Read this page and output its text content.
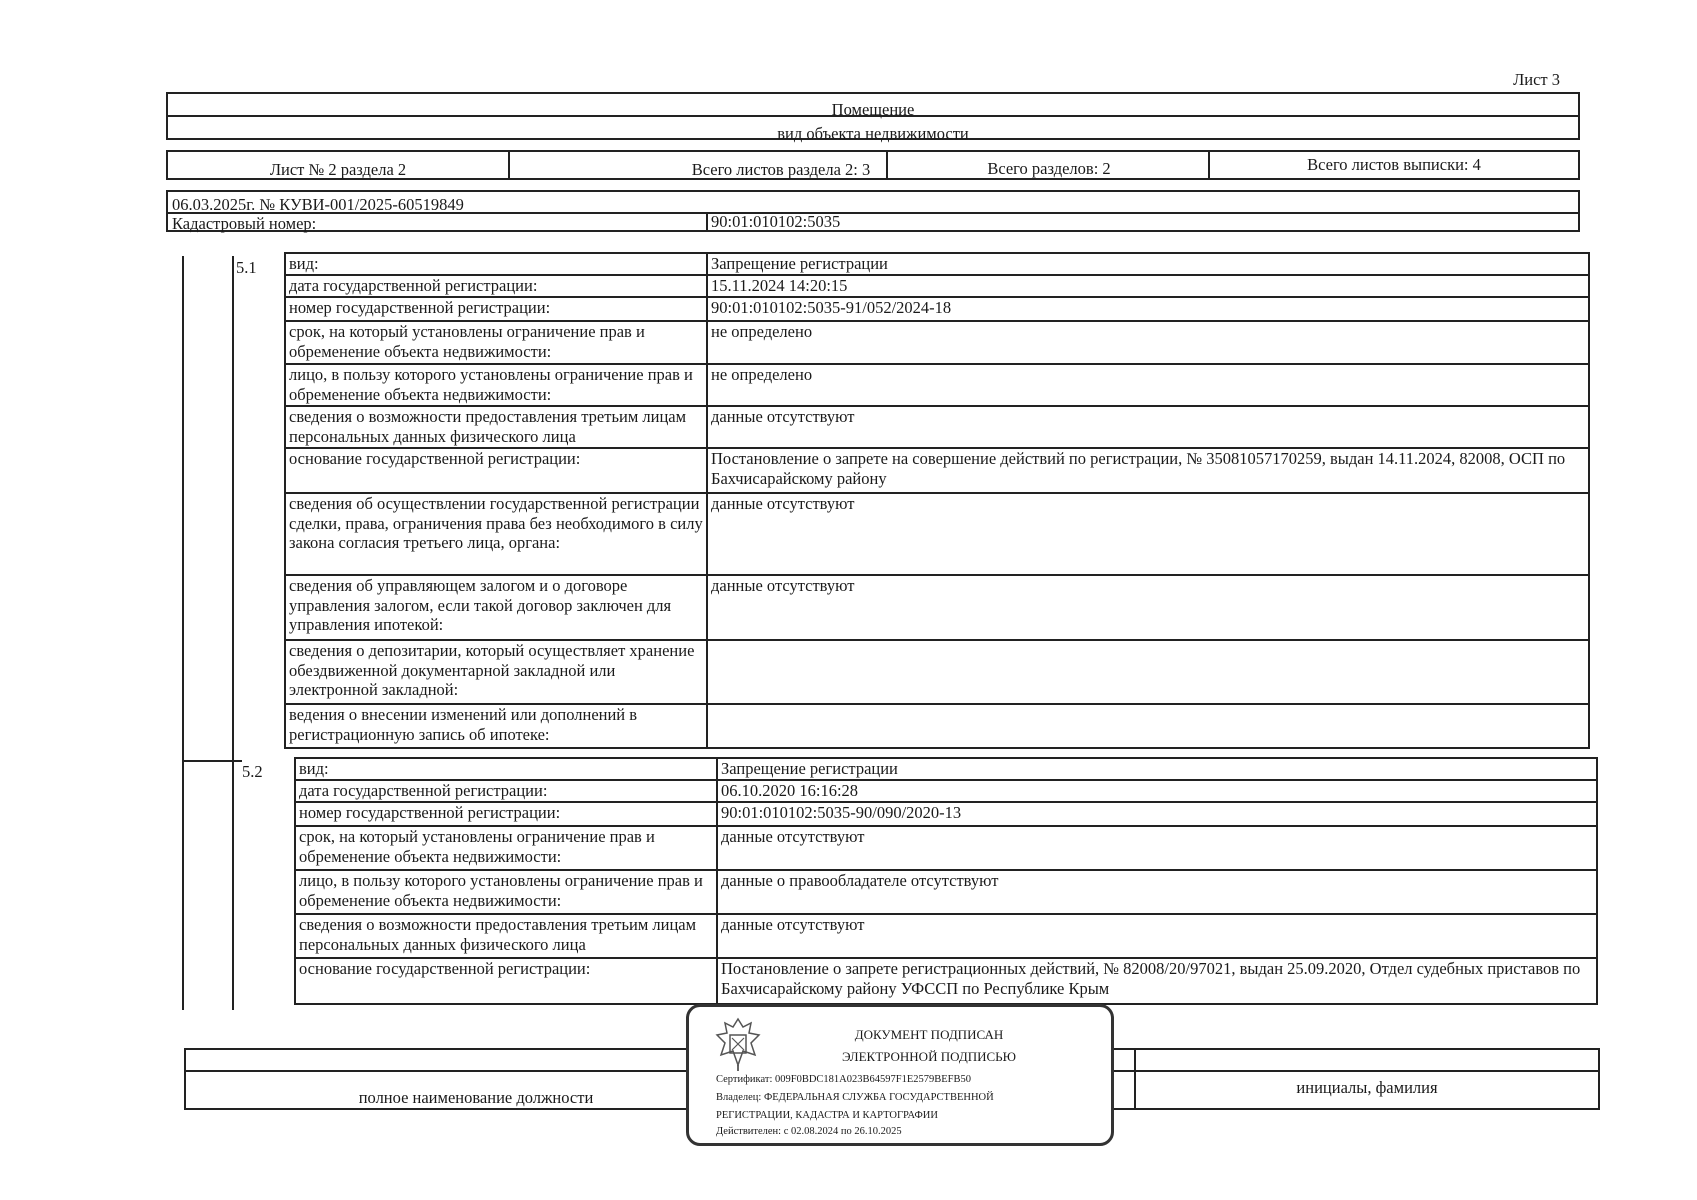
Лист 3
Помещение
вид объекта недвижимости
Лист № 2 раздела 2	Всего листов раздела 2: 3	Всего разделов: 2	Всего листов выписки: 4
06.03.2025г. № КУВИ-001/2025-60519849
Кадастровый номер:	90:01:010102:5035
5.1	вид:	Запрещение регистрации
дата государственной регистрации:	15.11.2024 14:20:15
номер государственной регистрации:	90:01:010102:5035-91/052/2024-18
срок, на который установлены ограничение прав и обременение объекта недвижимости:	не определено
лицо, в пользу которого установлены ограничение прав и обременение объекта недвижимости:	не определено
сведения о возможности предоставления третьим лицам персональных данных физического лица	данные отсутствуют
основание государственной регистрации:	Постановление о запрете на совершение действий по регистрации, № 35081057170259, выдан 14.11.2024, 82008, ОСП по Бахчисарайскому району
сведения об осуществлении государственной регистрации сделки, права, ограничения права без необходимого в силу закона согласия третьего лица, органа:	данные отсутствуют
сведения об управляющем залогом и о договоре управления залогом, если такой договор заключен для управления ипотекой:	данные отсутствуют
сведения о депозитарии, который осуществляет хранение обездвиженной документарной закладной или электронной закладной:	
ведения о внесении изменений или дополнений в регистрационную запись об ипотеке:	
5.2	вид:	Запрещение регистрации
дата государственной регистрации:	06.10.2020 16:16:28
номер государственной регистрации:	90:01:010102:5035-90/090/2020-13
срок, на который установлены ограничение прав и обременение объекта недвижимости:	данные отсутствуют
лицо, в пользу которого установлены ограничение прав и обременение объекта недвижимости:	данные о правообладателе отсутствуют
сведения о возможности предоставления третьим лицам персональных данных физического лица	данные отсутствуют
основание государственной регистрации:	Постановление о запрете регистрационных действий, № 82008/20/97021, выдан 25.09.2020, Отдел судебных приставов по Бахчисарайскому району УФССП по Республике Крым
полное наименование должности
инициалы, фамилия
ДОКУМЕНТ ПОДПИСАН
ЭЛЕКТРОННОЙ ПОДПИСЬЮ
Сертификат: 009F0BDC181A023B64597F1E2579BEFB50
Владелец: ФЕДЕРАЛЬНАЯ СЛУЖБА ГОСУДАРСТВЕННОЙ
РЕГИСТРАЦИИ, КАДАСТРА И КАРТОГРАФИИ
Действителен: с 02.08.2024 по 26.10.2025
